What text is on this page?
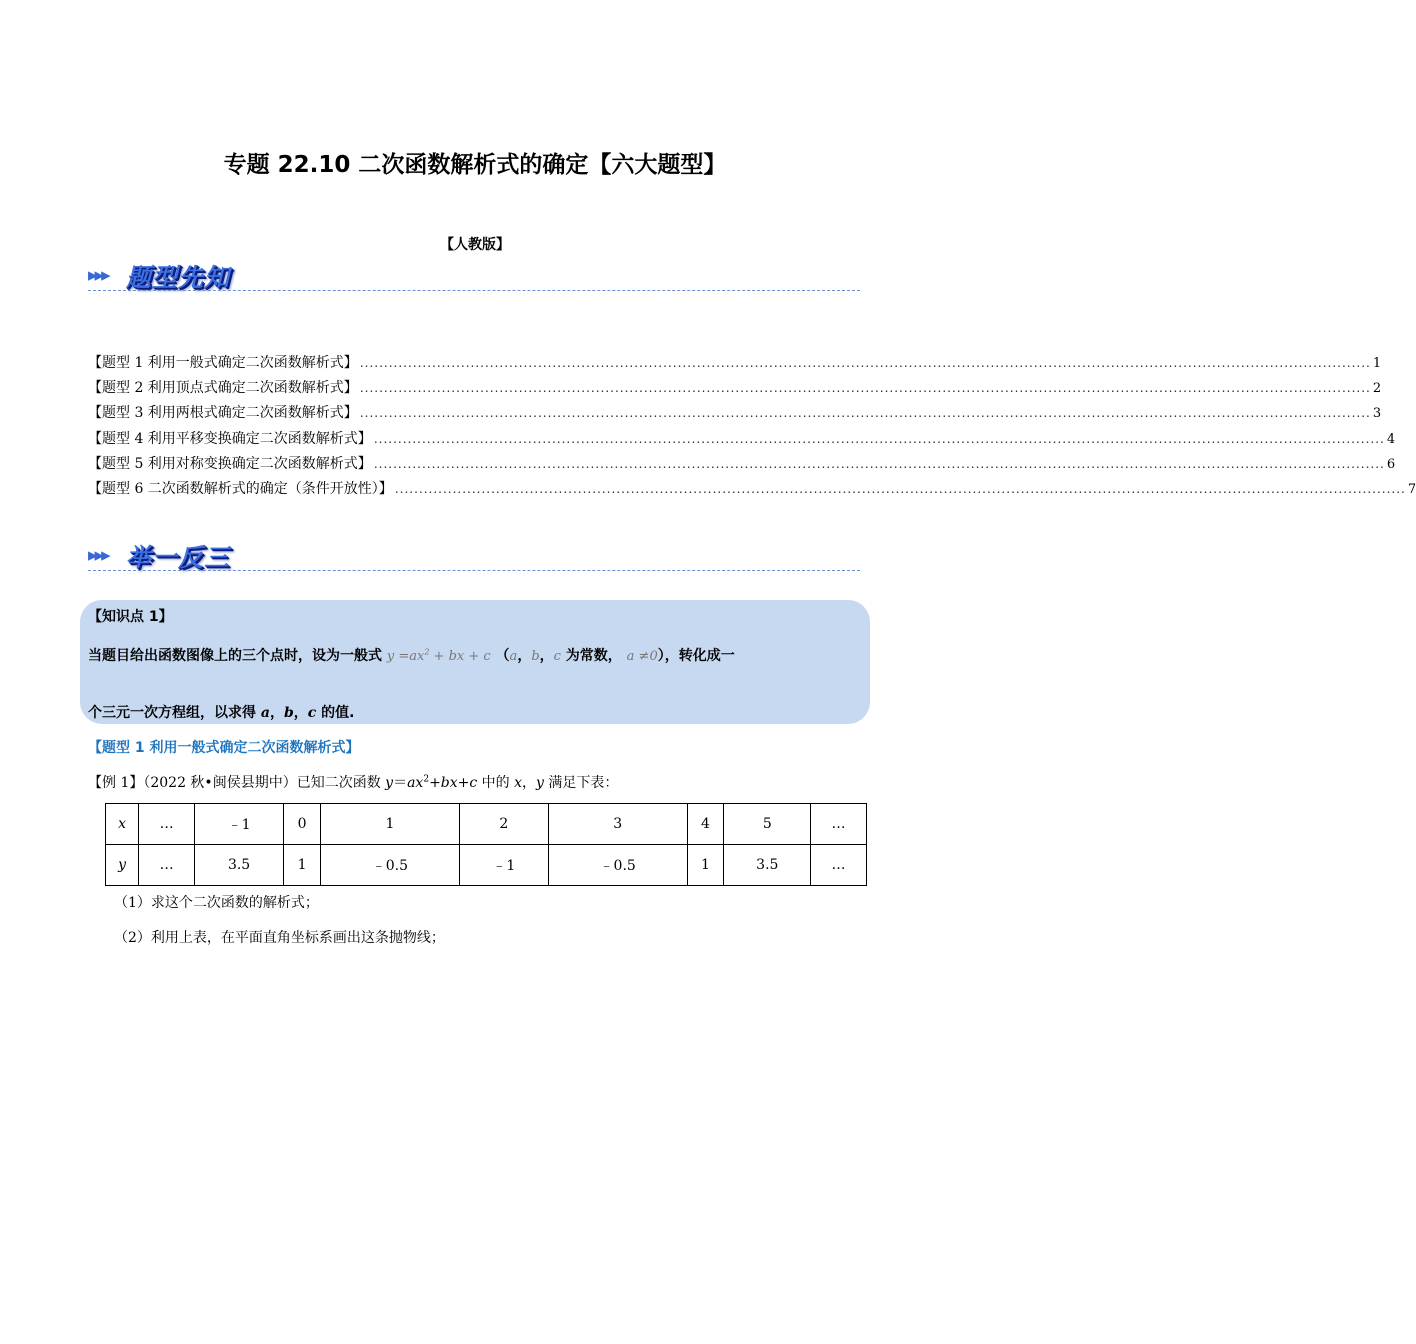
专题 22.10 二次函数解析式的确定【六大题型】
【人教版】
▸▸▸ 题型先知
【题型 1 利用一般式确定二次函数解析式】 .................................................................................................................................................................................................................. 1
【题型 2 利用顶点式确定二次函数解析式】 .................................................................................................................................................................................................................. 2
【题型 3 利用两根式确定二次函数解析式】 .................................................................................................................................................................................................................. 3
【题型 4 利用平移变换确定二次函数解析式】 .................................................................................................................................................................................................................. 4
【题型 5 利用对称变换确定二次函数解析式】 .................................................................................................................................................................................................................. 6
【题型 6 二次函数解析式的确定（条件开放性）】 .................................................................................................................................................................................................................. 7
▸▸▸ 举一反三
【知识点 1】
当题目给出函数图像上的三个点时，设为一般式 $y =ax^2$ + bx + c （a，b，c 为常数， a ≠0），转化成一
个三元一次方程组，以求得 a，b，c 的值.
【题型 1 利用一般式确定二次函数解析式】
【例 1】（2022 秋•闽侯县期中）已知二次函数 $y=ax^2+bx+c$ 中的 x，y 满足下表：
x	…	﹣1	0	1	2	3	4	5	…
y	…	3.5	1	﹣0.5	﹣1	﹣0.5	1	3.5	…
（1）求这个二次函数的解析式；
（2）利用上表，在平面直角坐标系画出这条抛物线；
